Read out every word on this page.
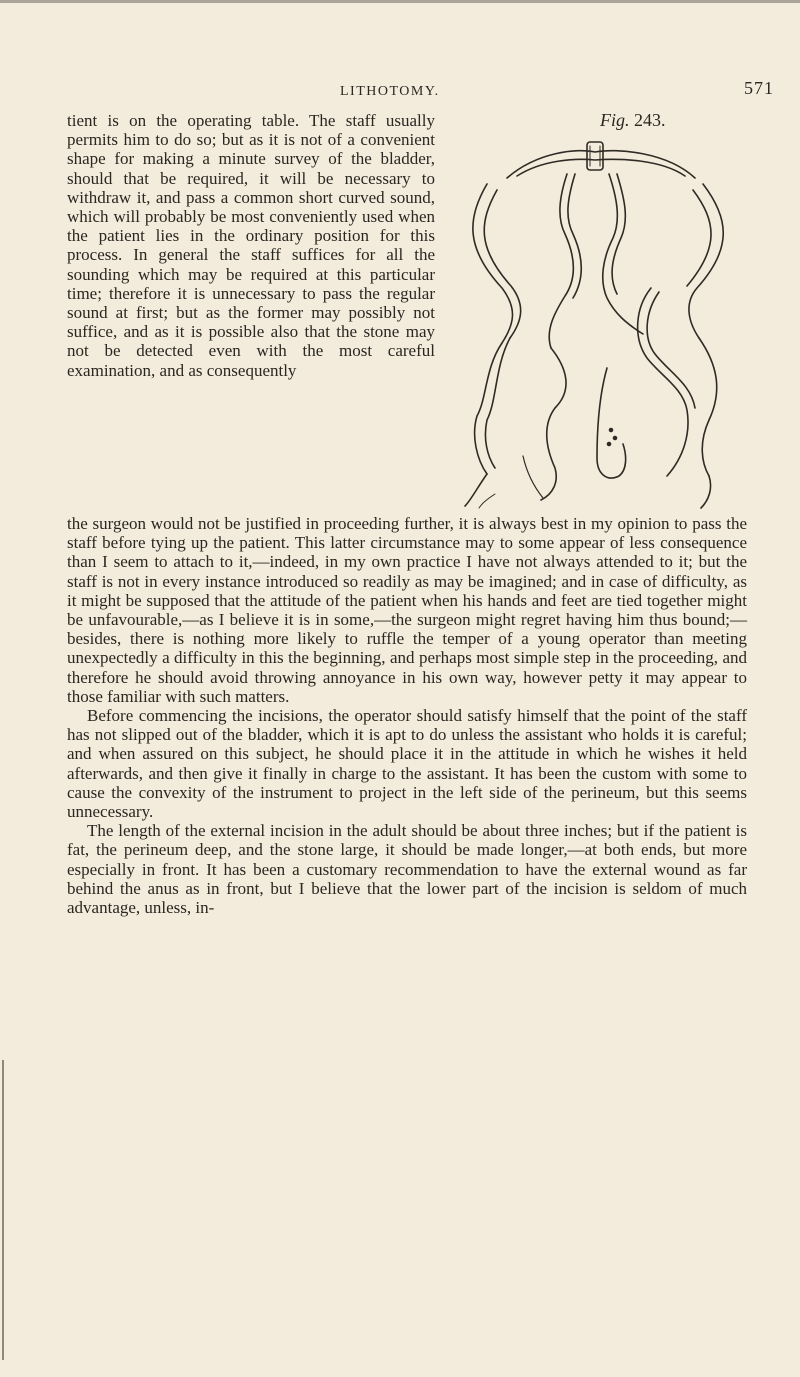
LITHOTOMY.	571
Fig. 243.

tient is on the operating table. The staff usually permits him to do so; but as it is not of a convenient shape for making a minute survey of the bladder, should that be required, it will be necessary to withdraw it, and pass a common short curved sound, which will probably be most conveniently used when the patient lies in the ordinary position for this process. In general the staff suffices for all the sounding which may be required at this particular time; therefore it is unnecessary to pass the regular sound at first; but as the former may possibly not suffice, and as it is possible also that the stone may not be detected even with the most careful examination, and as consequently

the surgeon would not be justified in proceeding further, it is always best in my opinion to pass the staff before tying up the patient. This latter circumstance may to some appear of less consequence than I seem to attach to it,—indeed, in my own practice I have not always attended to it; but the staff is not in every instance introduced so readily as may be imagined; and in case of difficulty, as it might be supposed that the attitude of the patient when his hands and feet are tied together might be unfavourable,—as I believe it is in some,—the surgeon might regret having him thus bound;—besides, there is nothing more likely to ruffle the temper of a young operator than meeting unexpectedly a difficulty in this the beginning, and perhaps most simple step in the proceeding, and therefore he should avoid throwing annoyance in his own way, however petty it may appear to those familiar with such matters.

Before commencing the incisions, the operator should satisfy himself that the point of the staff has not slipped out of the bladder, which it is apt to do unless the assistant who holds it is careful; and when assured on this subject, he should place it in the attitude in which he wishes it held afterwards, and then give it finally in charge to the assistant. It has been the custom with some to cause the convexity of the instrument to project in the left side of the perineum, but this seems unnecessary.

The length of the external incision in the adult should be about three inches; but if the patient is fat, the perineum deep, and the stone large, it should be made longer,—at both ends, but more especially in front. It has been a customary recommendation to have the external wound as far behind the anus as in front, but I believe that the lower part of the incision is seldom of much advantage, unless, in-
